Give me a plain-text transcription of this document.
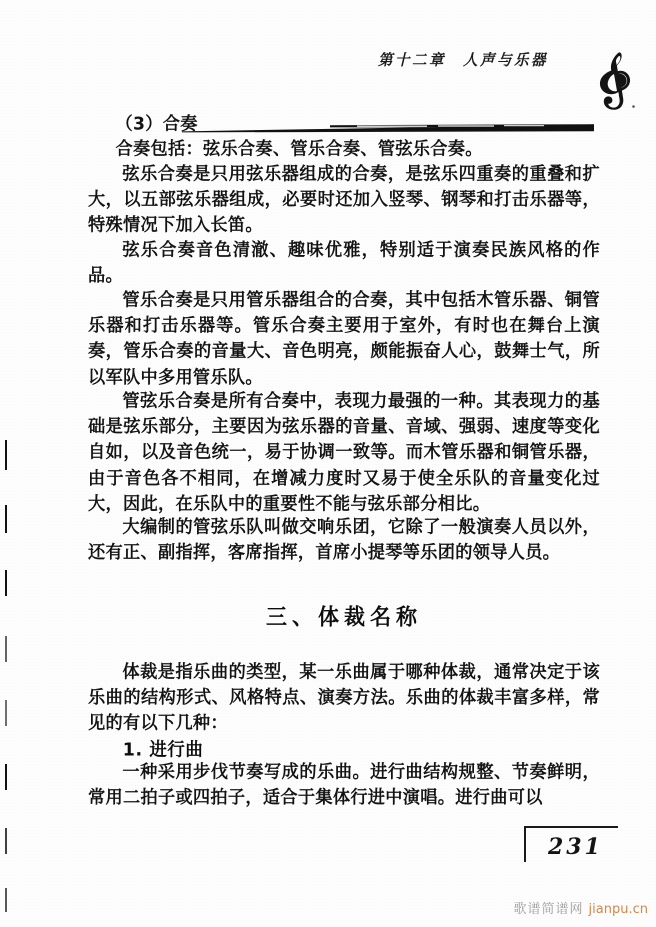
第十二章　人声与乐器

（3）合奏

合奏包括：弦乐合奏、管乐合奏、管弦乐合奏。

弦乐合奏是只用弦乐器组成的合奏，是弦乐四重奏的重叠和扩大，以五部弦乐器组成，必要时还加入竖琴、钢琴和打击乐器等，特殊情况下加入长笛。

弦乐合奏音色清澈、趣味优雅，特别适于演奏民族风格的作品。

管乐合奏是只用管乐器组合的合奏，其中包括木管乐器、铜管乐器和打击乐器等。管乐合奏主要用于室外，有时也在舞台上演奏，管乐合奏的音量大、音色明亮，颇能振奋人心，鼓舞士气，所以军队中多用管乐队。

管弦乐合奏是所有合奏中，表现力最强的一种。其表现力的基础是弦乐部分，主要因为弦乐器的音量、音域、强弱、速度等变化自如，以及音色统一，易于协调一致等。而木管乐器和铜管乐器，由于音色各不相同，在增减力度时又易于使全乐队的音量变化过大，因此，在乐队中的重要性不能与弦乐部分相比。

大编制的管弦乐队叫做交响乐团，它除了一般演奏人员以外，还有正、副指挥，客席指挥，首席小提琴等乐团的领导人员。

三、体裁名称

体裁是指乐曲的类型，某一乐曲属于哪种体裁，通常决定于该乐曲的结构形式、风格特点、演奏方法。乐曲的体裁丰富多样，常见的有以下几种：

1. 进行曲

一种采用步伐节奏写成的乐曲。进行曲结构规整、节奏鲜明，常用二拍子或四拍子，适合于集体行进中演唱。进行曲可以

231
歌谱简谱网 jianpu.cn
